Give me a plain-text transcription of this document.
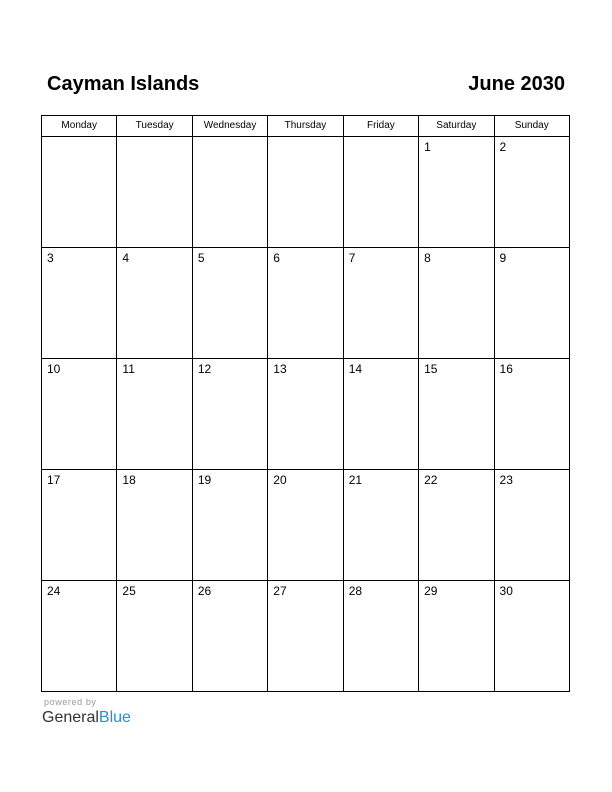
Cayman Islands	June 2030
Monday	Tuesday	Wednesday	Thursday	Friday	Saturday	Sunday

					1	2

3	4	5	6	7	8	9

10	11	12	13	14	15	16

17	18	19	20	21	22	23

24	25	26	27	28	29	30
powered by
GeneralBlue
